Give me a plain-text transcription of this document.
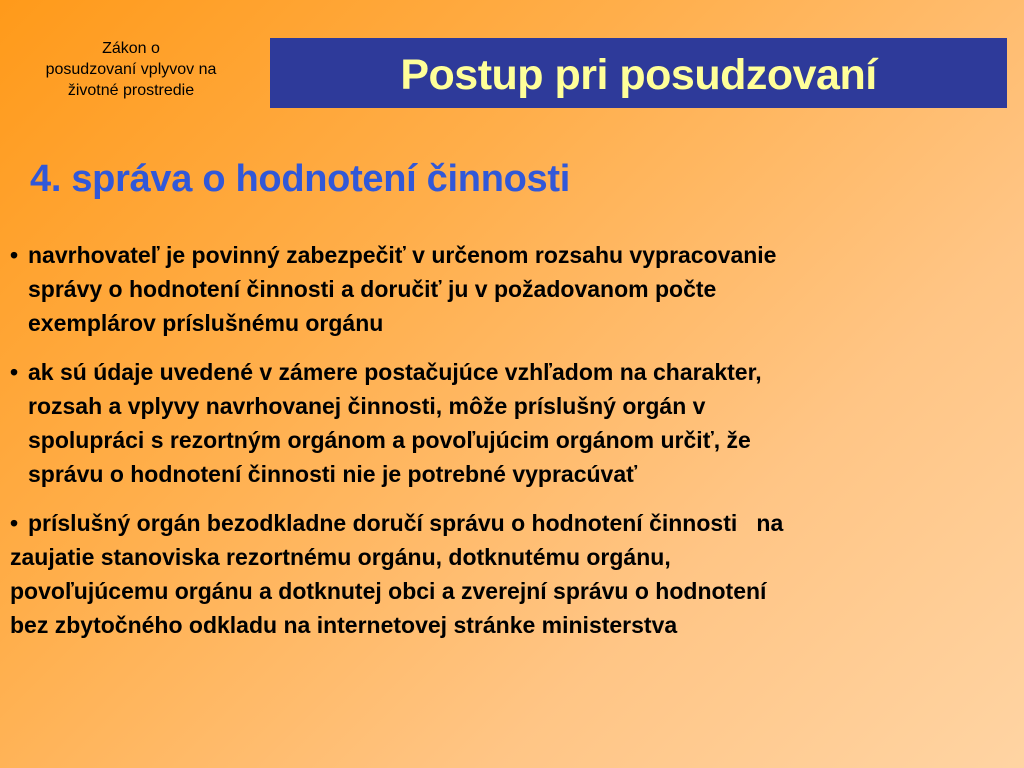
Zákon o
posudzovaní vplyvov na
životné prostredie	Postup pri posudzovaní
4. správa o hodnotení činnosti
• navrhovateľ je povinný zabezpečiť v určenom rozsahu vypracovanie
správy o hodnotení činnosti a doručiť ju v požadovanom počte
exemplárov príslušnému orgánu
• ak sú údaje uvedené v zámere postačujúce vzhľadom na charakter,
rozsah a vplyvy navrhovanej činnosti, môže príslušný orgán v
spolupráci s rezortným orgánom a povoľujúcim orgánom určiť, že
správu o hodnotení činnosti nie je potrebné vypracúvať
• príslušný orgán bezodkladne doručí správu o hodnotení činnosti   na
zaujatie stanoviska rezortnému orgánu, dotknutému orgánu,
povoľujúcemu orgánu a dotknutej obci a zverejní správu o hodnotení
bez zbytočného odkladu na internetovej stránke ministerstva
